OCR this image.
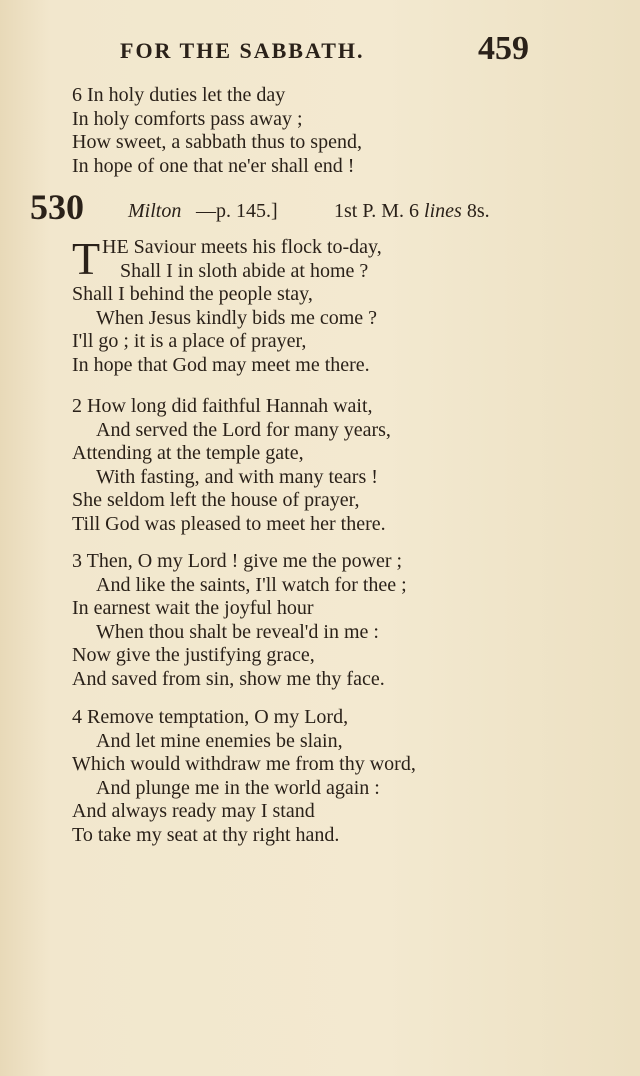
FOR THE SABBATH.	459
6 In holy duties let the day
In holy comforts pass away ;
How sweet, a sabbath thus to spend,
In hope of one that ne'er shall end !
530 Milton —p. 145.]	1st P. M. 6 lines 8s.
T HE Saviour meets his flock to-day,
Shall I in sloth abide at home ?
Shall I behind the people stay,
When Jesus kindly bids me come ?
I'll go ; it is a place of prayer,
In hope that God may meet me there.
2 How long did faithful Hannah wait,
And served the Lord for many years,
Attending at the temple gate,
With fasting, and with many tears !
She seldom left the house of prayer,
Till God was pleased to meet her there.
3 Then, O my Lord ! give me the power ;
And like the saints, I'll watch for thee ;
In earnest wait the joyful hour
When thou shalt be reveal'd in me :
Now give the justifying grace,
And saved from sin, show me thy face.
4 Remove temptation, O my Lord,
And let mine enemies be slain,
Which would withdraw me from thy word,
And plunge me in the world again :
And always ready may I stand
To take my seat at thy right hand.
